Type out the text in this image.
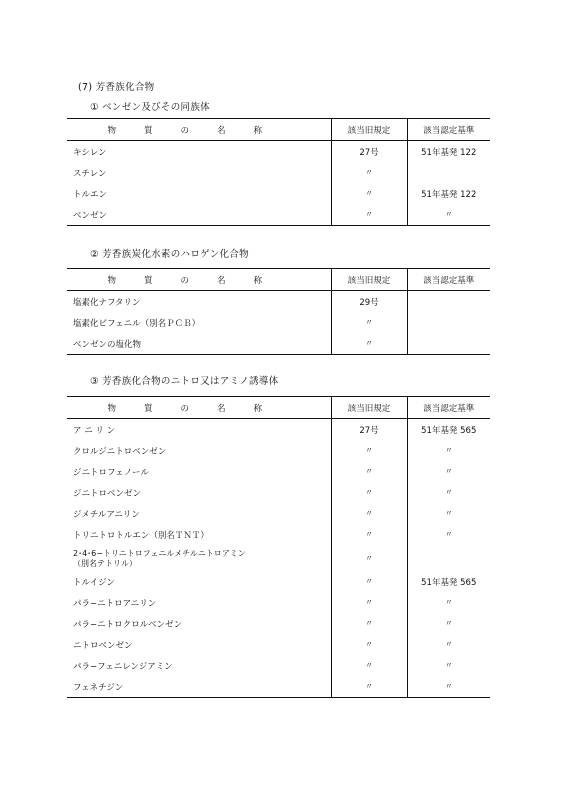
(7) 芳香族化合物
① ベンゼン及びその同族体
物質の名称	該当旧規定	該当認定基準
キシレン	27号	51年基発 122
スチレン	〃	
トルエン	〃	51年基発 122
ベンゼン	〃	〃
② 芳香族炭化水素のハロゲン化合物
物質の名称	該当旧規定	該当認定基準
塩素化ナフタリン	29号	
塩素化ビフェニル（別名ＰＣＢ）	〃	
ベンゼンの塩化物	〃	
③ 芳香族化合物のニトロ又はアミノ誘導体
物質の名称	該当旧規定	該当認定基準
ア ニ リ ン	27号	51年基発 565
クロルジニトロベンゼン	〃	〃
ジニトロフェノール	〃	〃
ジニトロベンゼン	〃	〃
ジメチルアニリン	〃	〃
トリニトロトルエン（別名ＴＮＴ）	〃	〃

2･4･6−トリニトロフェニルメチルニトロアミン
（別名テトリル）	〃	
トルイジン	〃	51年基発 565
パラ−ニトロアニリン	〃	〃
パラ−ニトロクロルベンゼン	〃	〃
ニトロベンゼン	〃	〃
パラ−フェニレンジアミン	〃	〃
フェネチジン	〃	〃
